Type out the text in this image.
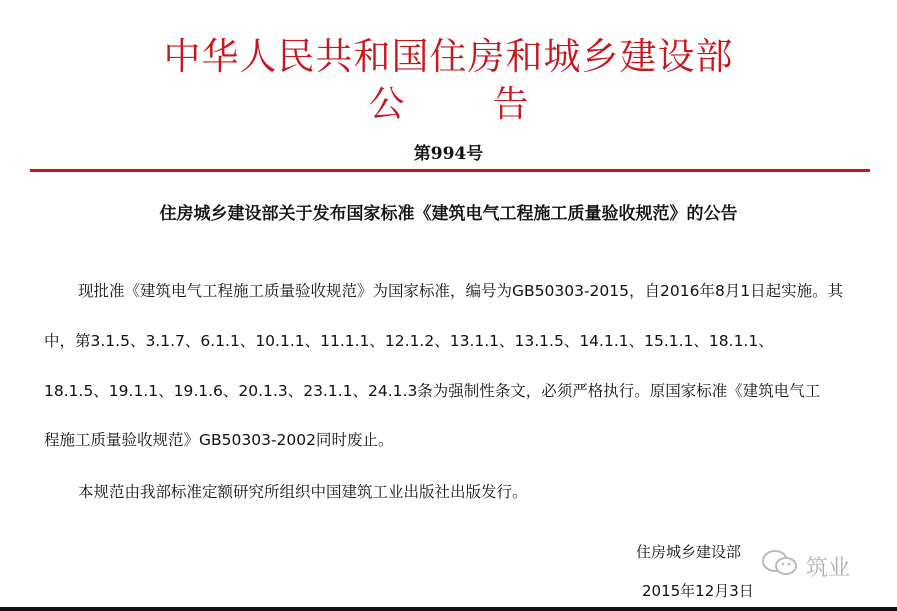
中华人民共和国住房和城乡建设部
公告
第994号
住房城乡建设部关于发布国家标准《建筑电气工程施工质量验收规范》的公告
现批准《建筑电气工程施工质量验收规范》为国家标准，编号为GB50303-2015，自2016年8月1日起实施。其
中，第3.1.5、3.1.7、6.1.1、10.1.1、11.1.1、12.1.2、13.1.1、13.1.5、14.1.1、15.1.1、18.1.1、
18.1.5、19.1.1、19.1.6、20.1.3、23.1.1、24.1.3条为强制性条文，必须严格执行。原国家标准《建筑电气工
程施工质量验收规范》GB50303-2002同时废止。
本规范由我部标准定额研究所组织中国建筑工业出版社出版发行。
住房城乡建设部
2015年12月3日
筑业
